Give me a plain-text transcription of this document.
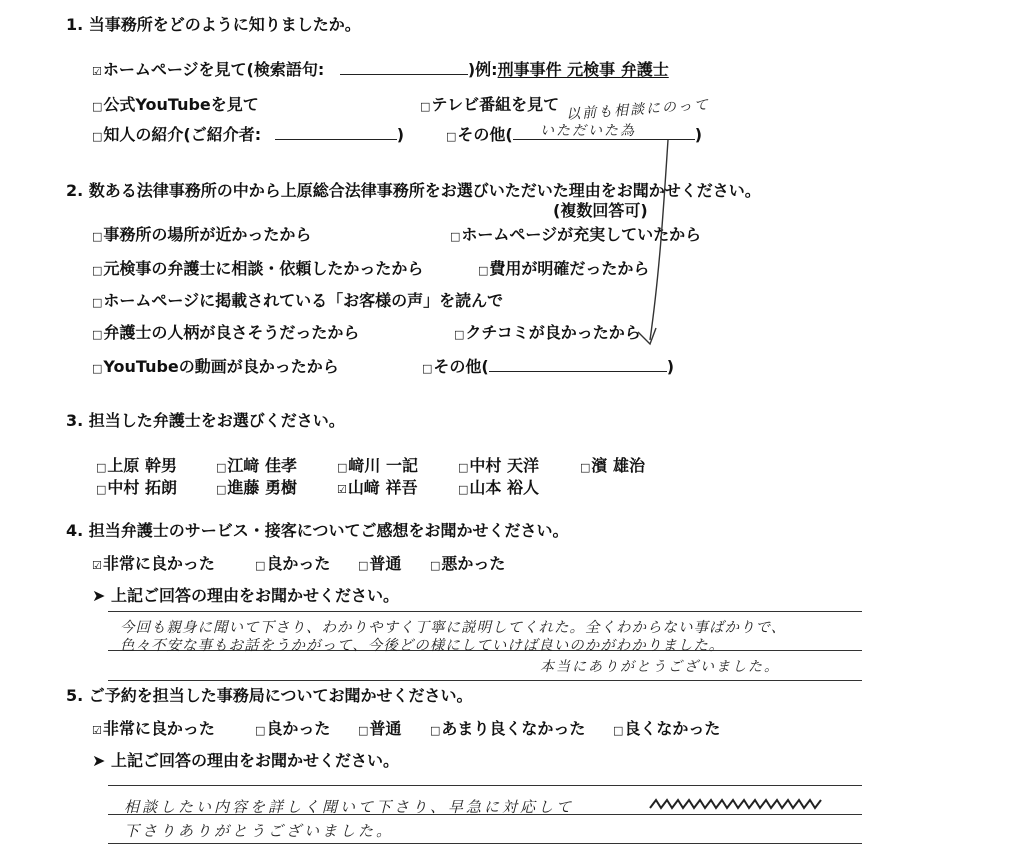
1. 当事務所をどのように知りましたか。
☑ホームページを見て(検索語句:	)例:刑事事件 元検事 弁護士
□公式YouTubeを見て	□テレビ番組を見て
□知人の紹介(ご紹介者:	)	□その他(	)
以前も相談にのって
いただいた為
2. 数ある法律事務所の中から上原総合法律事務所をお選びいただいた理由をお聞かせください。
(複数回答可)
□事務所の場所が近かったから	□ホームページが充実していたから
□元検事の弁護士に相談・依頼したかったから	□費用が明確だったから
□ホームページに掲載されている「お客様の声」を読んで
□弁護士の人柄が良さそうだったから	□クチコミが良かったから
□YouTubeの動画が良かったから	□その他(	)
3. 担当した弁護士をお選びください。
□上原 幹男	□江﨑 佳孝	□﨑川 一記	□中村 天洋	□濱 雄治
□中村 拓朗	□進藤 勇樹	☑山﨑 祥吾	□山本 裕人
4. 担当弁護士のサービス・接客についてご感想をお聞かせください。
☑非常に良かった	□良かった	□普通	□悪かった
➤ 上記ご回答の理由をお聞かせください。
今回も親身に聞いて下さり、わかりやすく丁寧に説明してくれた。全くわからない事ばかりで、
色々不安な事もお話をうかがって、今後どの様にしていけば良いのかがわかりました。
本当にありがとうございました。
5. ご予約を担当した事務局についてお聞かせください。
☑非常に良かった	□良かった	□普通	□あまり良くなかった	□良くなかった
➤ 上記ご回答の理由をお聞かせください。
相談したい内容を詳しく聞いて下さり、早急に対応して
下さりありがとうございました。
